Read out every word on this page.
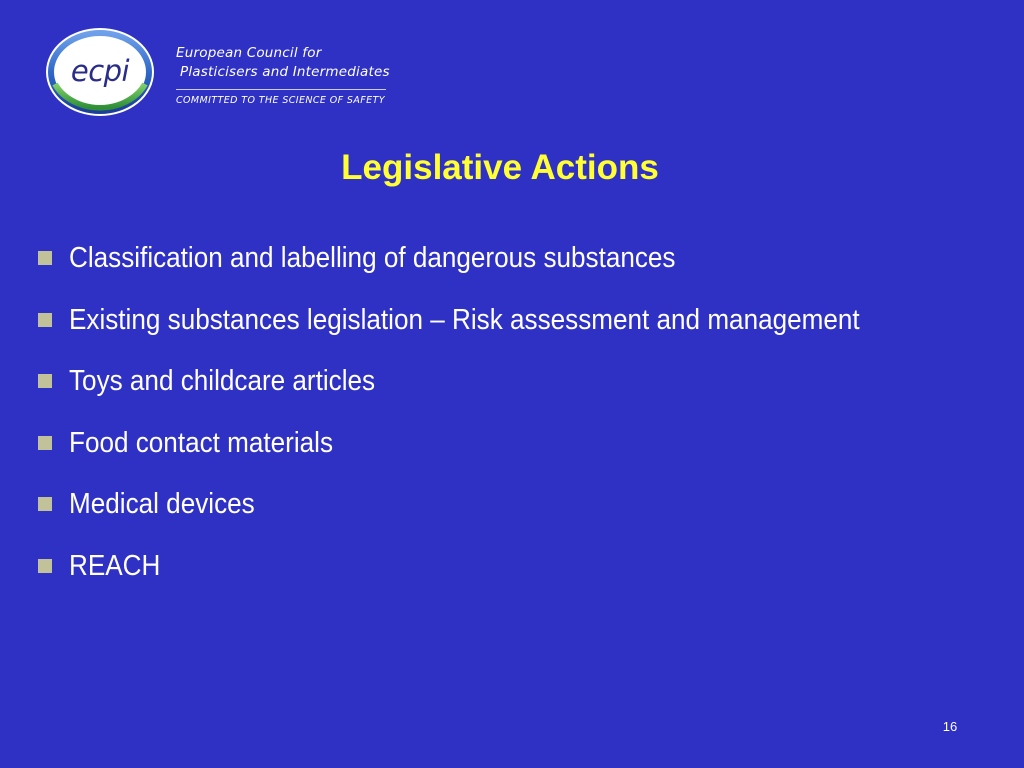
ecpi
European Council for
Plasticisers and Intermediates
COMMITTED TO THE SCIENCE OF SAFETY
Legislative Actions
Classification and labelling of dangerous substances
Existing substances legislation – Risk assessment and management
Toys and childcare articles
Food contact materials
Medical devices
REACH
16
